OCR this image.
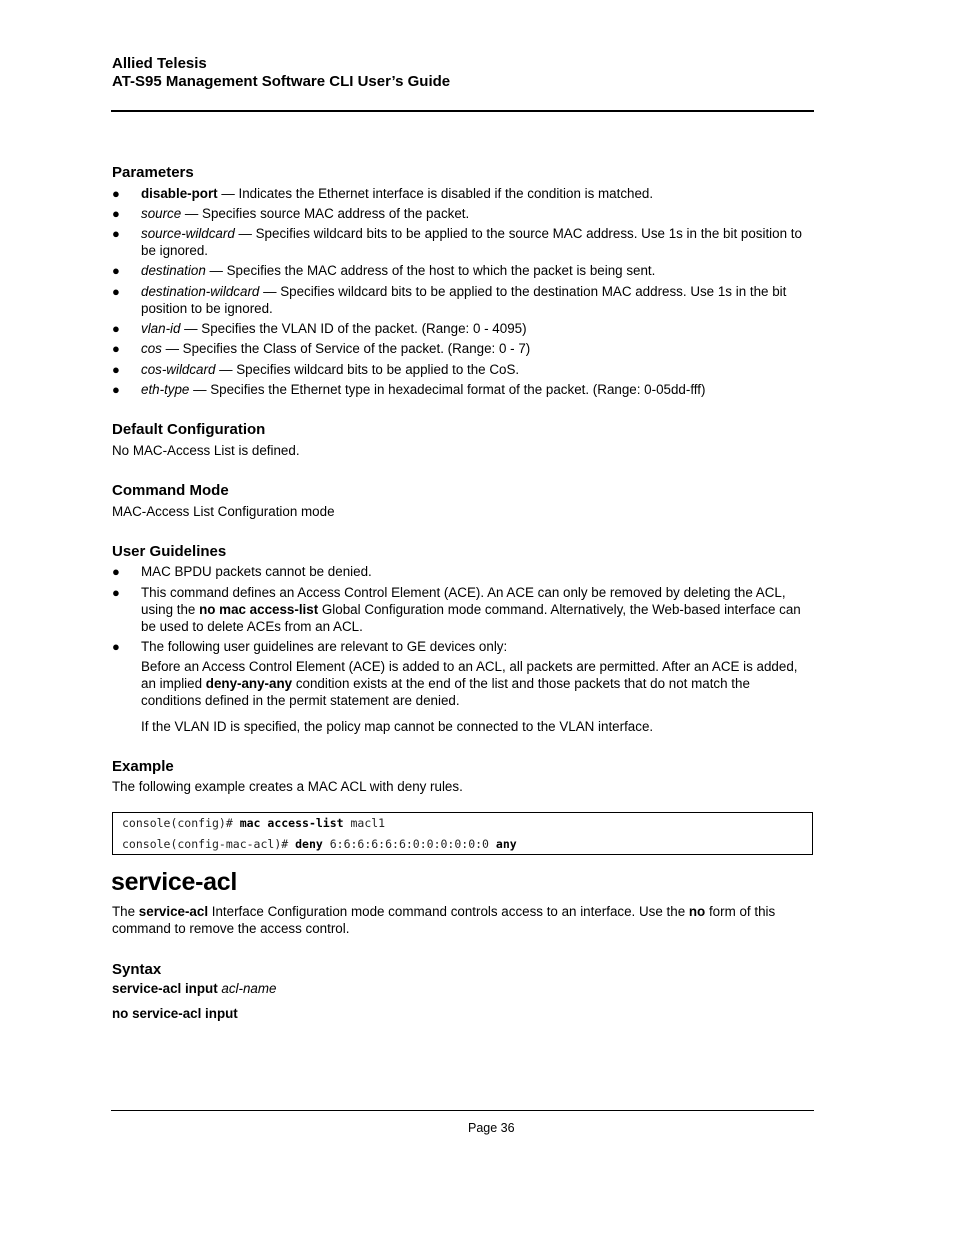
Allied Telesis
AT-S95 Management Software CLI User’s Guide
Parameters
● disable-port — Indicates the Ethernet interface is disabled if the condition is matched.
● source — Specifies source MAC address of the packet.
● source-wildcard — Specifies wildcard bits to be applied to the source MAC address. Use 1s in the bit position to be ignored.
● destination — Specifies the MAC address of the host to which the packet is being sent.
● destination-wildcard — Specifies wildcard bits to be applied to the destination MAC address. Use 1s in the bit position to be ignored.
● vlan-id — Specifies the VLAN ID of the packet. (Range: 0 - 4095)
● cos — Specifies the Class of Service of the packet. (Range: 0 - 7)
● cos-wildcard — Specifies wildcard bits to be applied to the CoS.
● eth-type — Specifies the Ethernet type in hexadecimal format of the packet. (Range: 0-05dd-fff)
Default Configuration
No MAC-Access List is defined.
Command Mode
MAC-Access List Configuration mode
User Guidelines
● MAC BPDU packets cannot be denied.
● This command defines an Access Control Element (ACE). An ACE can only be removed by deleting the ACL, using the no mac access-list Global Configuration mode command. Alternatively, the Web-based interface can be used to delete ACEs from an ACL.
● The following user guidelines are relevant to GE devices only:
Before an Access Control Element (ACE) is added to an ACL, all packets are permitted. After an ACE is added, an implied deny-any-any condition exists at the end of the list and those packets that do not match the conditions defined in the permit statement are denied.
If the VLAN ID is specified, the policy map cannot be connected to the VLAN interface.
Example
The following example creates a MAC ACL with deny rules.
console(config)# mac access-list macl1
console(config-mac-acl)# deny 6:6:6:6:6:6:0:0:0:0:0:0 any
service-acl
The service-acl Interface Configuration mode command controls access to an interface. Use the no form of this command to remove the access control.
Syntax
service-acl input acl-name
no service-acl input
Page 36
